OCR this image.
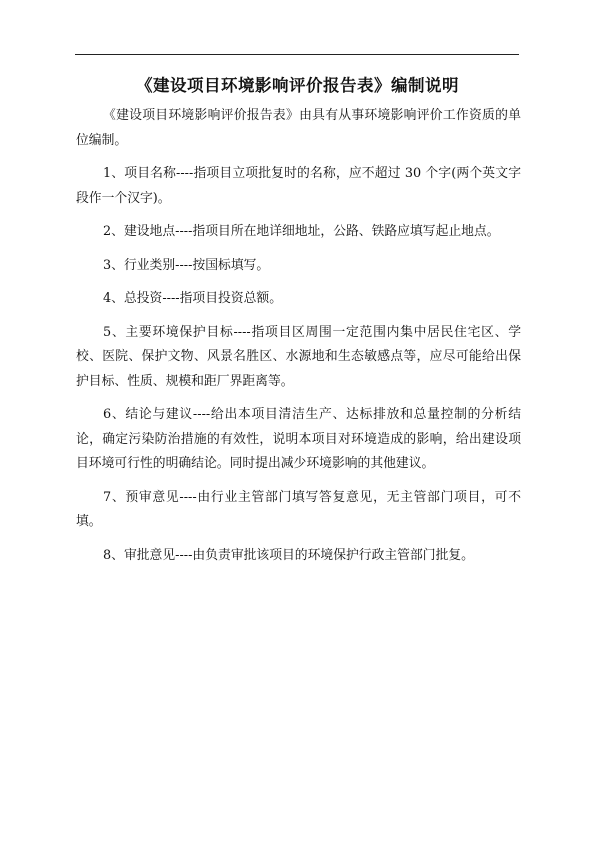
《建设项目环境影响评价报告表》编制说明

《建设项目环境影响评价报告表》由具有从事环境影响评价工作资质的单位编制。

1、项目名称----指项目立项批复时的名称，应不超过 30 个字(两个英文字段作一个汉字)。

2、建设地点----指项目所在地详细地址，公路、铁路应填写起止地点。

3、行业类别----按国标填写。

4、总投资----指项目投资总额。

5、主要环境保护目标----指项目区周围一定范围内集中居民住宅区、学校、医院、保护文物、风景名胜区、水源地和生态敏感点等，应尽可能给出保护目标、性质、规模和距厂界距离等。

6、结论与建议----给出本项目清洁生产、达标排放和总量控制的分析结论，确定污染防治措施的有效性，说明本项目对环境造成的影响，给出建设项目环境可行性的明确结论。同时提出减少环境影响的其他建议。

7、预审意见----由行业主管部门填写答复意见，无主管部门项目，可不填。

8、审批意见----由负责审批该项目的环境保护行政主管部门批复。
